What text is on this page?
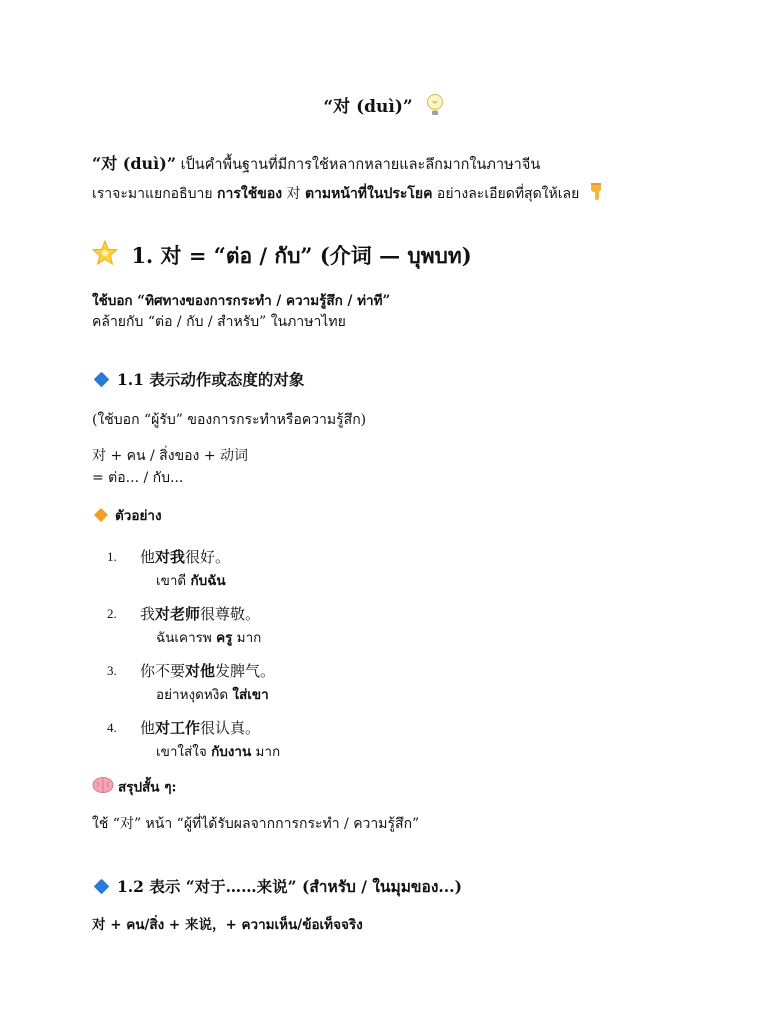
“对 (duì)”
“对 (duì)” เป็นคำพื้นฐานที่มีการใช้หลากหลายและลึกมากในภาษาจีน
เราจะมาแยกอธิบาย การใช้ของ 对 ตามหน้าที่ในประโยค อย่างละเอียดที่สุดให้เลย
1. 对 = “ต่อ / กับ” (介词 — บุพบท)
ใช้บอก “ทิศทางของการกระทำ / ความรู้สึก / ท่าที”
คล้ายกับ “ต่อ / กับ / สำหรับ” ในภาษาไทย
1.1 表示动作或态度的对象
(ใช้บอก “ผู้รับ” ของการกระทำหรือความรู้สึก)
对 + คน / สิ่งของ + 动词
= ต่อ... / กับ...
ตัวอย่าง
1. 他对我很好。
เขาดี กับฉัน
2. 我对老师很尊敬。
ฉันเคารพ ครู มาก
3. 你不要对他发脾气。
อย่าหงุดหงิด ใส่เขา
4. 他对工作很认真。
เขาใส่ใจ กับงาน มาก
สรุปสั้น ๆ:
ใช้ “对” หน้า “ผู้ที่ได้รับผลจากการกระทำ / ความรู้สึก”
1.2 表示 “对于……来说” (สำหรับ / ในมุมของ...)
对 + คน/สิ่ง + 来说，+ ความเห็น/ข้อเท็จจริง
